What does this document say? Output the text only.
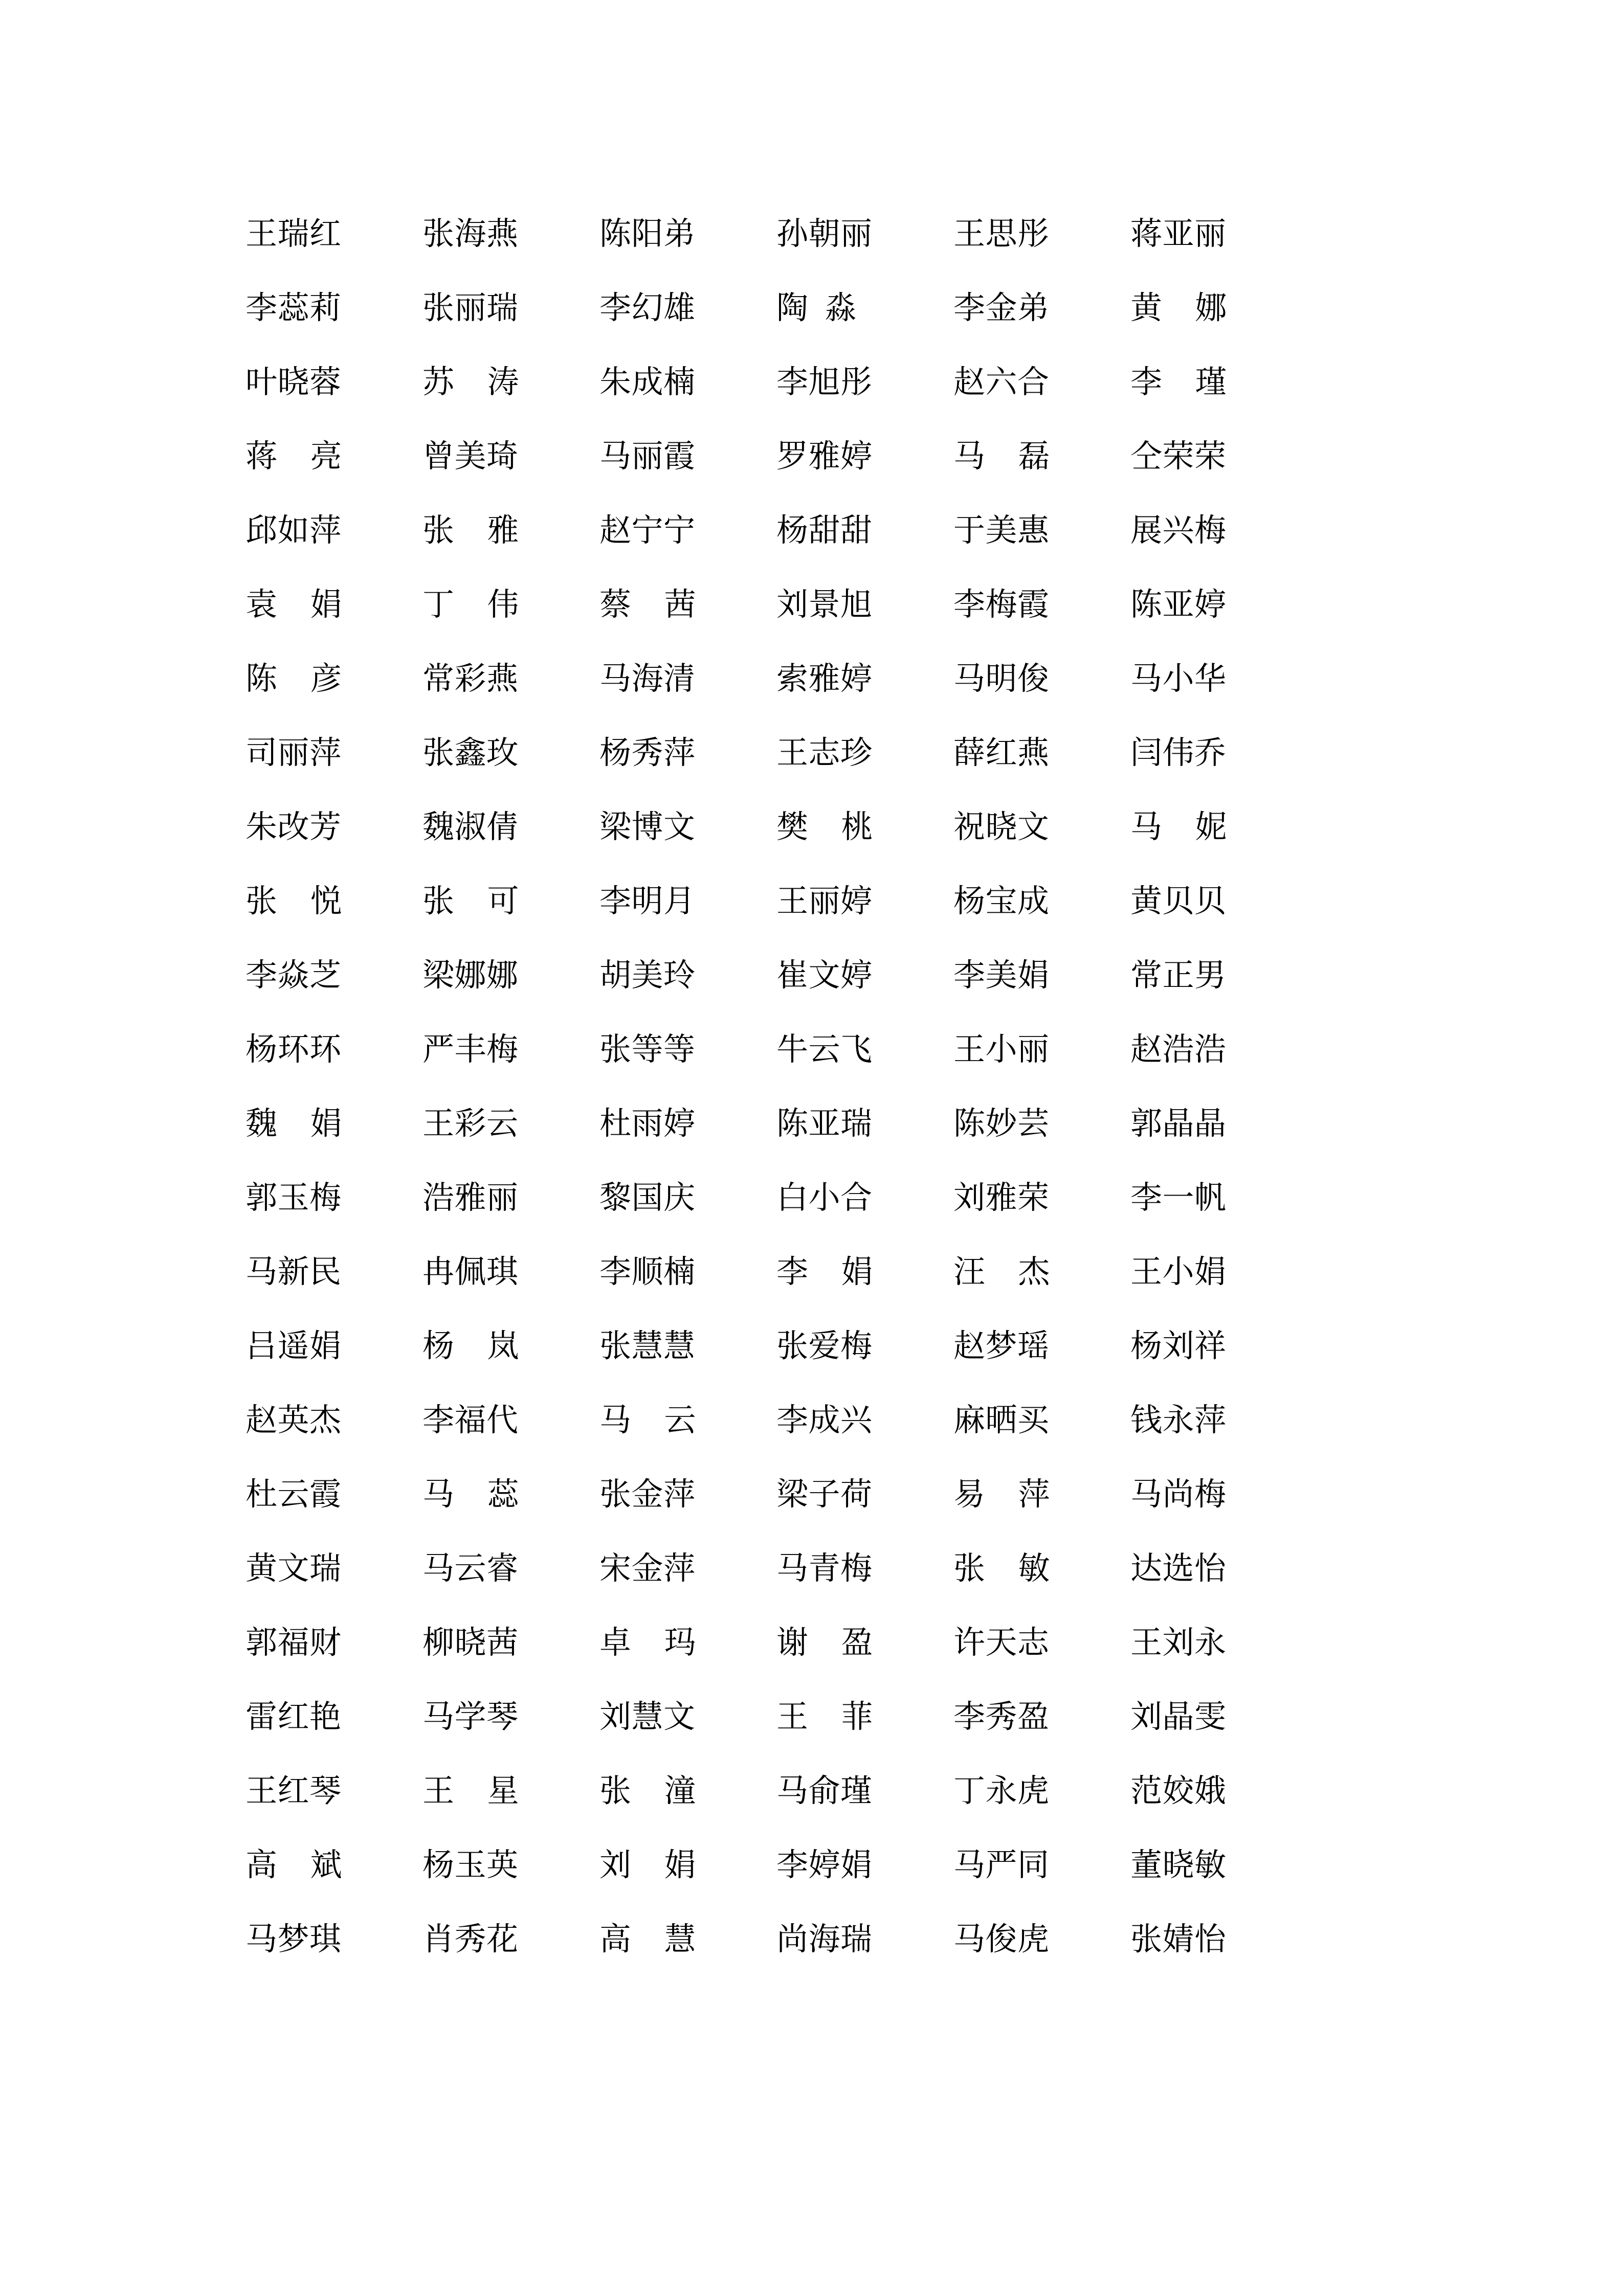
王瑞红	张海燕	陈阳弟	孙朝丽	王思彤	蒋亚丽
李蕊莉	张丽瑞	李幻雄	陶  淼	李金弟	黄    娜
叶晓蓉	苏    涛	朱成楠	李旭彤	赵六合	李    瑾
蒋    亮	曾美琦	马丽霞	罗雅婷	马    磊	仝荣荣
邱如萍	张    雅	赵宁宁	杨甜甜	于美惠	展兴梅
袁    娟	丁    伟	蔡    茜	刘景旭	李梅霞	陈亚婷
陈    彦	常彩燕	马海清	索雅婷	马明俊	马小华
司丽萍	张鑫玫	杨秀萍	王志珍	薛红燕	闫伟乔
朱改芳	魏淑倩	梁博文	樊    桃	祝晓文	马    妮
张    悦	张    可	李明月	王丽婷	杨宝成	黄贝贝
李焱芝	梁娜娜	胡美玲	崔文婷	李美娟	常正男
杨环环	严丰梅	张等等	牛云飞	王小丽	赵浩浩
魏    娟	王彩云	杜雨婷	陈亚瑞	陈妙芸	郭晶晶
郭玉梅	浩雅丽	黎国庆	白小合	刘雅荣	李一帆
马新民	冉佩琪	李顺楠	李    娟	汪    杰	王小娟
吕遥娟	杨    岚	张慧慧	张爱梅	赵梦瑶	杨刘祥
赵英杰	李福代	马    云	李成兴	麻晒买	钱永萍
杜云霞	马    蕊	张金萍	梁子荷	易    萍	马尚梅
黄文瑞	马云睿	宋金萍	马青梅	张    敏	达选怡
郭福财	柳晓茜	卓    玛	谢    盈	许天志	王刘永
雷红艳	马学琴	刘慧文	王    菲	李秀盈	刘晶雯
王红琴	王    星	张    潼	马俞瑾	丁永虎	范姣娥
高    斌	杨玉英	刘    娟	李婷娟	马严同	董晓敏
马梦琪	肖秀花	高    慧	尚海瑞	马俊虎	张婧怡
